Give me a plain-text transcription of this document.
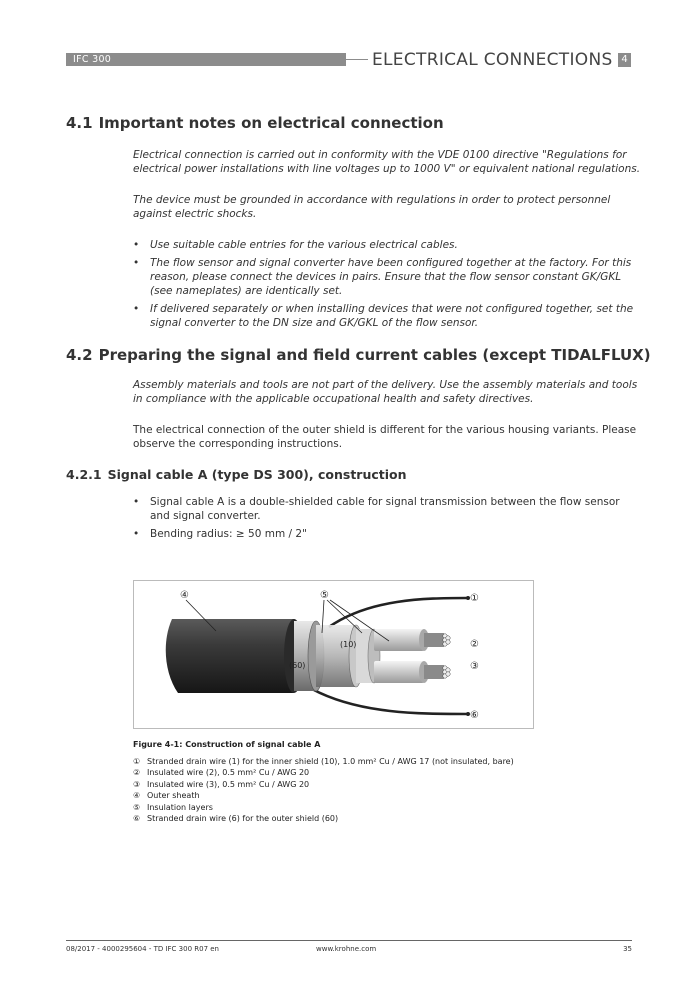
IFC 300	ELECTRICAL CONNECTIONS 4
4.1 Important notes on electrical connection
Electrical connection is carried out in conformity with the VDE 0100 directive "Regulations for electrical power installations with line voltages up to 1000 V" or equivalent national regulations.
The device must be grounded in accordance with regulations in order to protect personnel against electric shocks.
• Use suitable cable entries for the various electrical cables.
• The flow sensor and signal converter have been configured together at the factory. For this reason, please connect the devices in pairs. Ensure that the flow sensor constant GK/GKL (see nameplates) are identically set.
• If delivered separately or when installing devices that were not configured together, set the signal converter to the DN size and GK/GKL of the flow sensor.
4.2 Preparing the signal and field current cables (except TIDALFLUX)
Assembly materials and tools are not part of the delivery. Use the assembly materials and tools in compliance with the applicable occupational health and safety directives.
The electrical connection of the outer shield is different for the various housing variants. Please observe the corresponding instructions.
4.2.1 Signal cable A (type DS 300), construction
• Signal cable A is a double-shielded cable for signal transmission between the flow sensor and signal converter.
• Bending radius: ≥ 50 mm / 2"
④	⑤	①
②
③
⑥
(10)
(60)
Figure 4-1: Construction of signal cable A
① Stranded drain wire (1) for the inner shield (10), 1.0 mm² Cu / AWG 17 (not insulated, bare)
② Insulated wire (2), 0.5 mm² Cu / AWG 20
③ Insulated wire (3), 0.5 mm² Cu / AWG 20
④ Outer sheath
⑤ Insulation layers
⑥ Stranded drain wire (6) for the outer shield (60)
08/2017 - 4000295604 - TD IFC 300 R07 en	www.krohne.com	35
